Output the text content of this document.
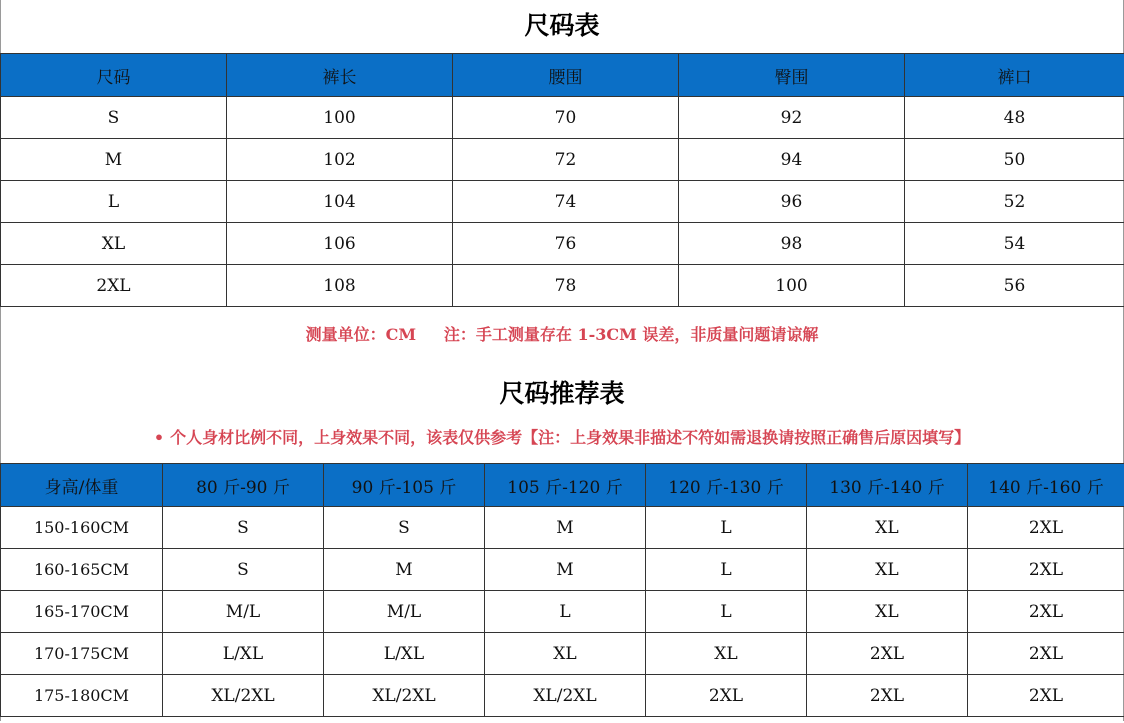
尺码表
尺码	裤长	腰围	臀围	裤口
S	100	70	92	48
M	102	72	94	50
L	104	74	96	52
XL	106	76	98	54
2XL	108	78	100	56
测量单位：CM     注：手工测量存在 1-3CM 误差，非质量问题请谅解
尺码推荐表
• 个人身材比例不同，上身效果不同，该表仅供参考【注：上身效果非描述不符如需退换请按照正确售后原因填写】
身高/体重	80 斤-90 斤	90 斤-105 斤	105 斤-120 斤	120 斤-130 斤	130 斤-140 斤	140 斤-160 斤
150-160CM	S	S	M	L	XL	2XL
160-165CM	S	M	M	L	XL	2XL
165-170CM	M/L	M/L	L	L	XL	2XL
170-175CM	L/XL	L/XL	XL	XL	2XL	2XL
175-180CM	XL/2XL	XL/2XL	XL/2XL	2XL	2XL	2XL
